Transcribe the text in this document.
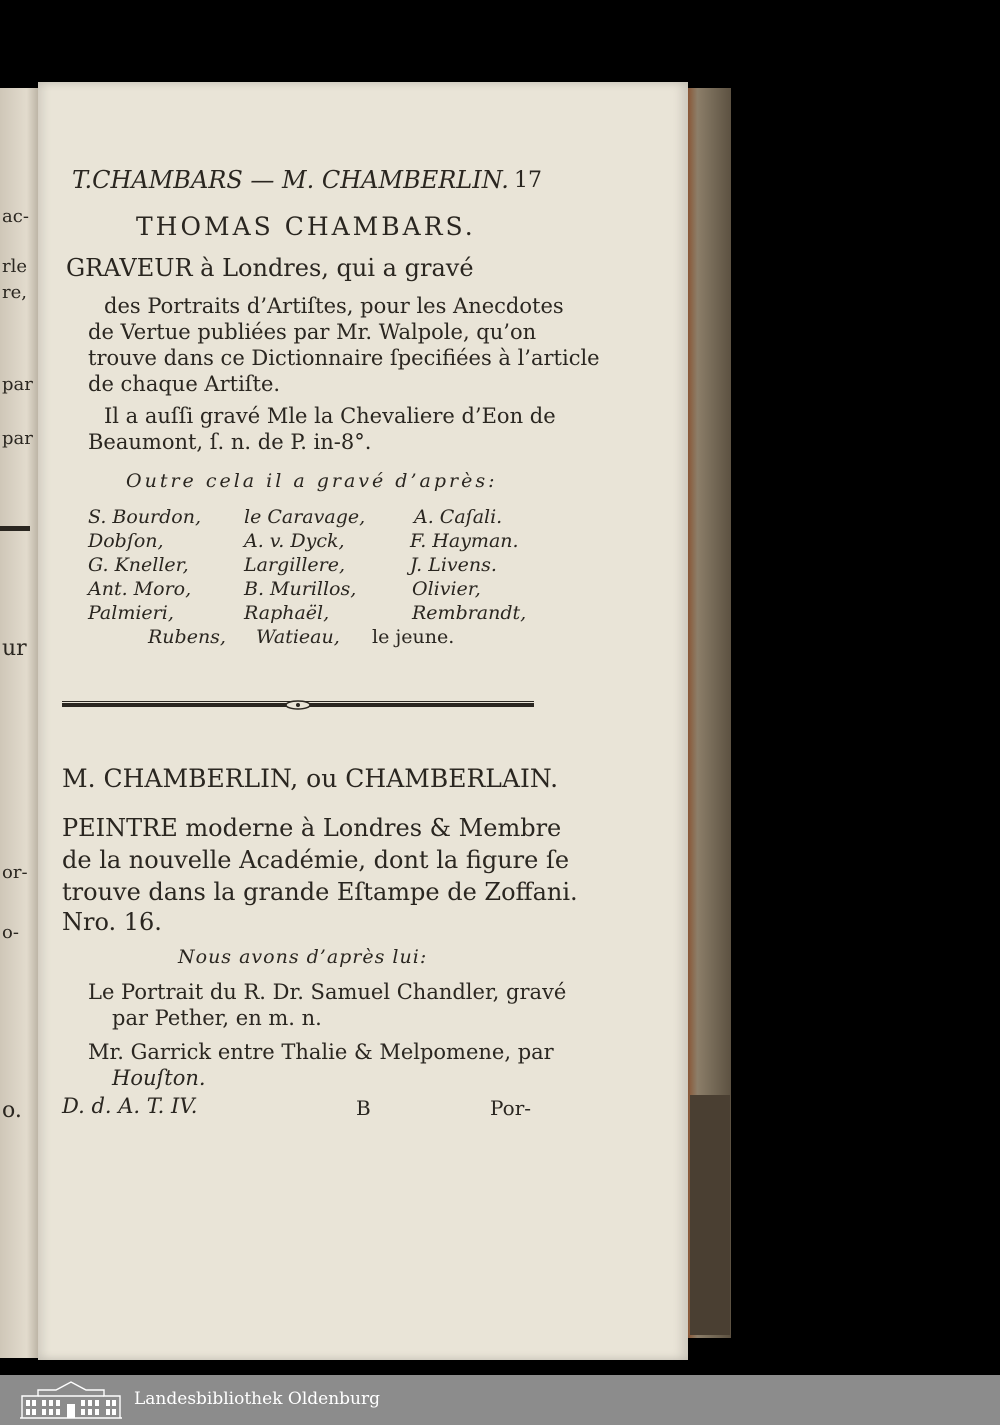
ac-
rle
re,
par
par
ur
or-
o-
o.
T.CHAMBARS — M. CHAMBERLIN. 17
THOMAS CHAMBARS.
GRAVEUR à Londres, qui a gravé
des Portraits d’Artiſtes, pour les Anecdotes
de Vertue publiées par Mr. Walpole, qu’on
trouve dans ce Dictionnaire ſpecifiées à l’article
de chaque Artiſte.
Il a auſſi gravé Mle la Chevaliere d’Eon de
Beaumont, ſ. n. de P. in-8°.
Outre cela il a gravé d’après:
S. Bourdon, le Caravage,	A. Caſali.
Dobſon,	A. v. Dyck,	F. Hayman.
G. Kneller,	Largillere,	J. Livens.
Ant. Moro,	B. Murillos,	Olivier,
Palmieri,	Raphaël,	Rembrandt,
Rubens, Watieau, le jeune.
M. CHAMBERLIN, ou CHAMBERLAIN.
PEINTRE moderne à Londres & Membre
de la nouvelle Académie, dont la figure ſe
trouve dans la grande Eſtampe de Zoffani.
Nro. 16.
Nous avons d’après lui:
Le Portrait du R. Dr. Samuel Chandler, gravé
par Pether, en m. n.
Mr. Garrick entre Thalie & Melpomene, par
Houſton.
D. d. A. T. IV.	B	Por-
Landesbibliothek Oldenburg
